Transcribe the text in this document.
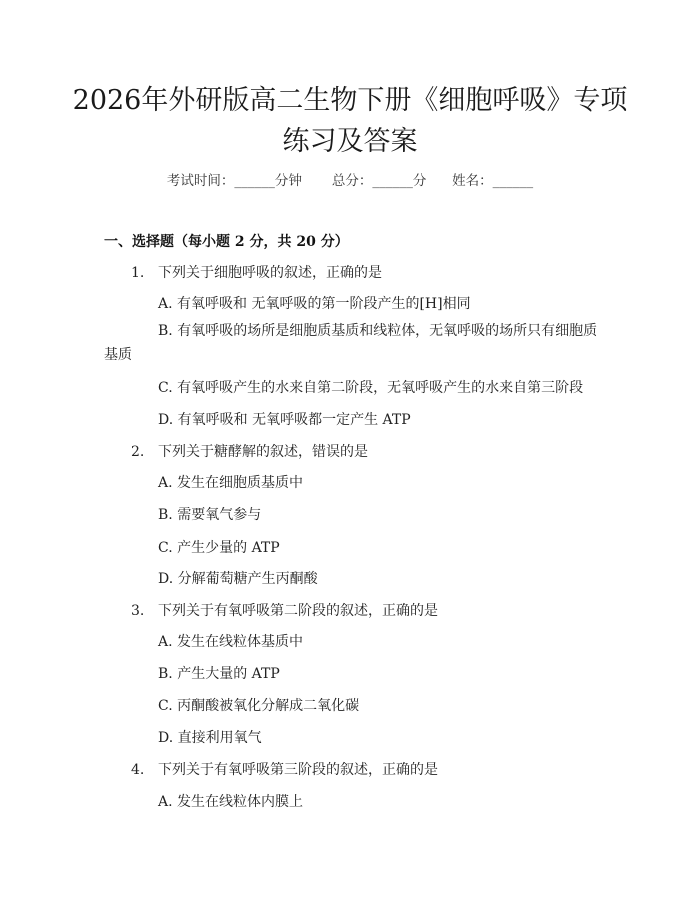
2026年外研版高二生物下册《细胞呼吸》专项练习及答案
考试时间：______分钟 总分：______分 姓名：______
一、选择题（每小题 2 分，共 20 分）
1. 下列关于细胞呼吸的叙述，正确的是
A. 有氧呼吸和 无氧呼吸的第一阶段产生的[H]相同
B. 有氧呼吸的场所是细胞质基质和线粒体，无氧呼吸的场所只有细胞质基质
C. 有氧呼吸产生的水来自第二阶段，无氧呼吸产生的水来自第三阶段
D. 有氧呼吸和 无氧呼吸都一定产生 ATP
2. 下列关于糖酵解的叙述，错误的是
A. 发生在细胞质基质中
B. 需要氧气参与
C. 产生少量的 ATP
D. 分解葡萄糖产生丙酮酸
3. 下列关于有氧呼吸第二阶段的叙述，正确的是
A. 发生在线粒体基质中
B. 产生大量的 ATP
C. 丙酮酸被氧化分解成二氧化碳
D. 直接利用氧气
4. 下列关于有氧呼吸第三阶段的叙述，正确的是
A. 发生在线粒体内膜上
